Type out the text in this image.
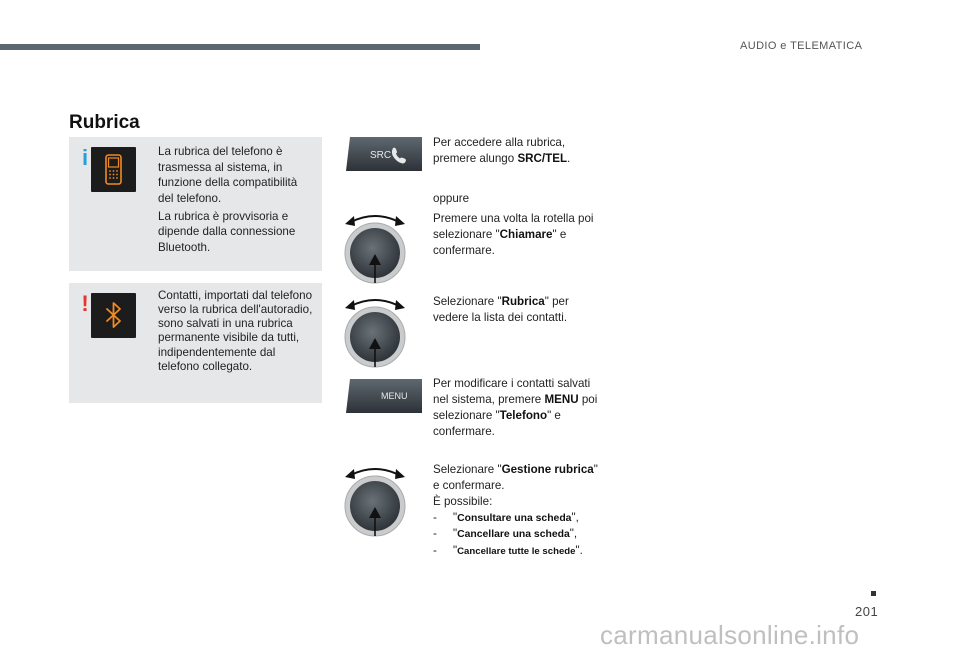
AUDIO e TELEMATICA
Rubrica
i	La rubrica del telefono è trasmessa al sistema, in funzione della compatibilità del telefono.

La rubrica è provvisoria e dipende dalla connessione Bluetooth.

!	Contatti, importati dal telefono verso la rubrica dell'autoradio, sono salvati in una rubrica permanente visibile da tutti, indipendentemente dal telefono collegato.

SRC

Per accedere alla rubrica, premere alungo SRC/TEL.

oppure

Premere una volta la rotella poi selezionare "Chiamare" e confermare.

Selezionare "Rubrica" per vedere la lista dei contatti.

MENU

Per modificare i contatti salvati nel sistema, premere MENU poi selezionare "Telefono" e confermare.

Selezionare "Gestione rubrica" e confermare.
È possibile:
- "Consultare una scheda",
- "Cancellare una scheda",
- "Cancellare tutte le schede".
201
carmanualsonline.info
